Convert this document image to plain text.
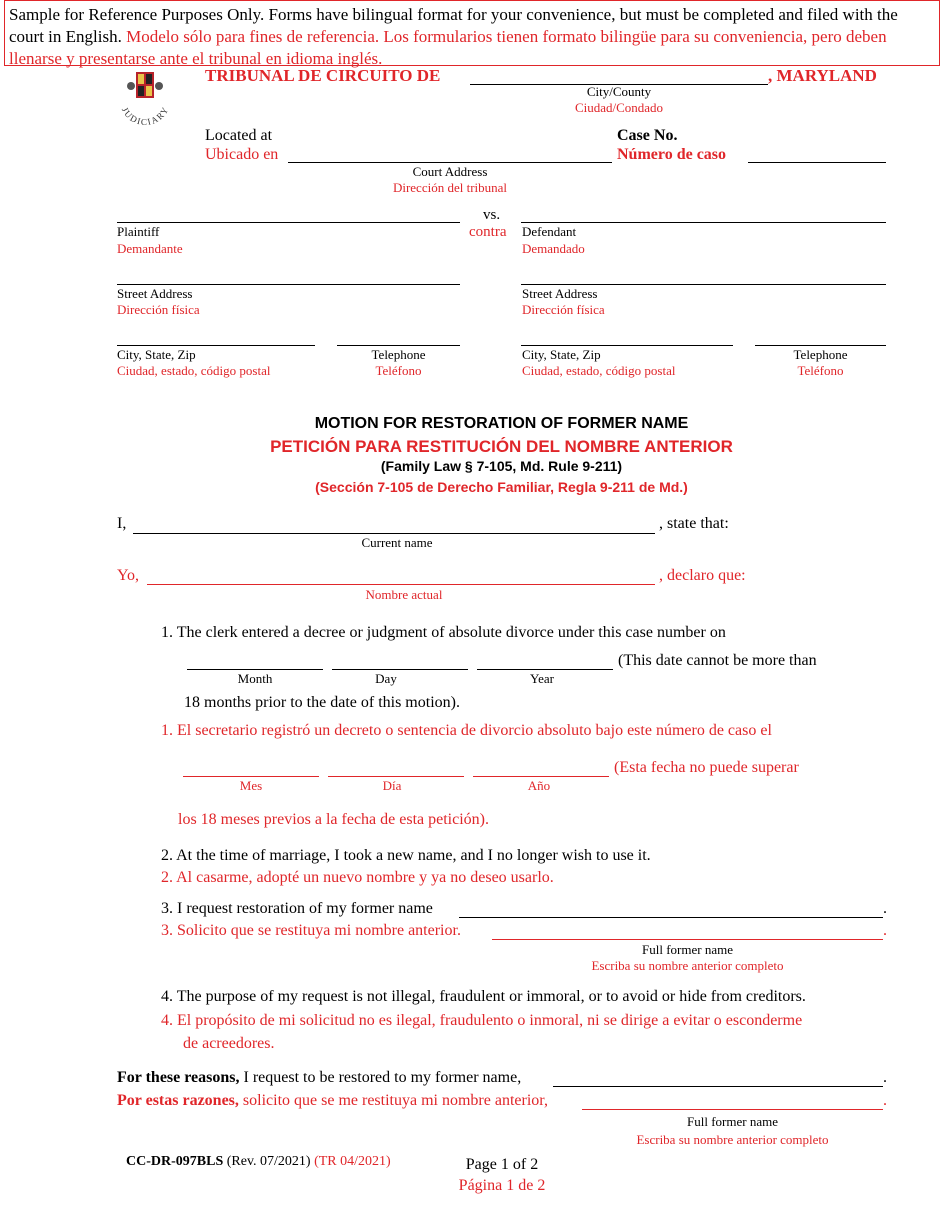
Sample for Reference Purposes Only. Forms have bilingual format for your convenience, but must be completed and filed with the court in English. Modelo sólo para fines de referencia. Los formularios tienen formato bilingüe para su conveniencia, pero deben llenarse y presentarse ante el tribunal en idioma inglés.
JUDICIARY
TRIBUNAL DE CIRCUITO DE	, MARYLAND
City/County
Ciudad/Condado
Located at
Ubicado en
Court Address
Dirección del tribunal
Case No.
Número de caso
vs.
contra
Plaintiff
Demandante
Defendant
Demandado
Street Address
Dirección física
Street Address
Dirección física
City, State, Zip
Ciudad, estado, código postal
Telephone
Teléfono
City, State, Zip
Ciudad, estado, código postal
Telephone
Teléfono
MOTION FOR RESTORATION OF FORMER NAME
PETICIÓN PARA RESTITUCIÓN DEL NOMBRE ANTERIOR
(Family Law § 7-105, Md. Rule 9-211)
(Sección 7-105 de Derecho Familiar, Regla 9-211 de Md.)
I,	, state that:
Current name
Yo,	, declaro que:
Nombre actual
1. The clerk entered a decree or judgment of absolute divorce under this case number on
(This date cannot be more than
Month	Day	Year
18 months prior to the date of this motion).
1. El secretario registró un decreto o sentencia de divorcio absoluto bajo este número de caso el
(Esta fecha no puede superar
Mes	Día	Año
los 18 meses previos a la fecha de esta petición).
2. At the time of marriage, I took a new name, and I no longer wish to use it.
2. Al casarme, adopté un nuevo nombre y ya no deseo usarlo.
3. I request restoration of my former name	.
3. Solicito que se restituya mi nombre anterior.	.
Full former name
Escriba su nombre anterior completo
4. The purpose of my request is not illegal, fraudulent or immoral, or to avoid or hide from creditors.
4. El propósito de mi solicitud no es ilegal, fraudulento o inmoral, ni se dirige a evitar o esconderme
de acreedores.
For these reasons, I request to be restored to my former name,	.
Por estas razones, solicito que se me restituya mi nombre anterior,	.
Full former name
Escriba su nombre anterior completo
CC-DR-097BLS (Rev. 07/2021) (TR 04/2021)	Page 1 of 2
Página 1 de 2
